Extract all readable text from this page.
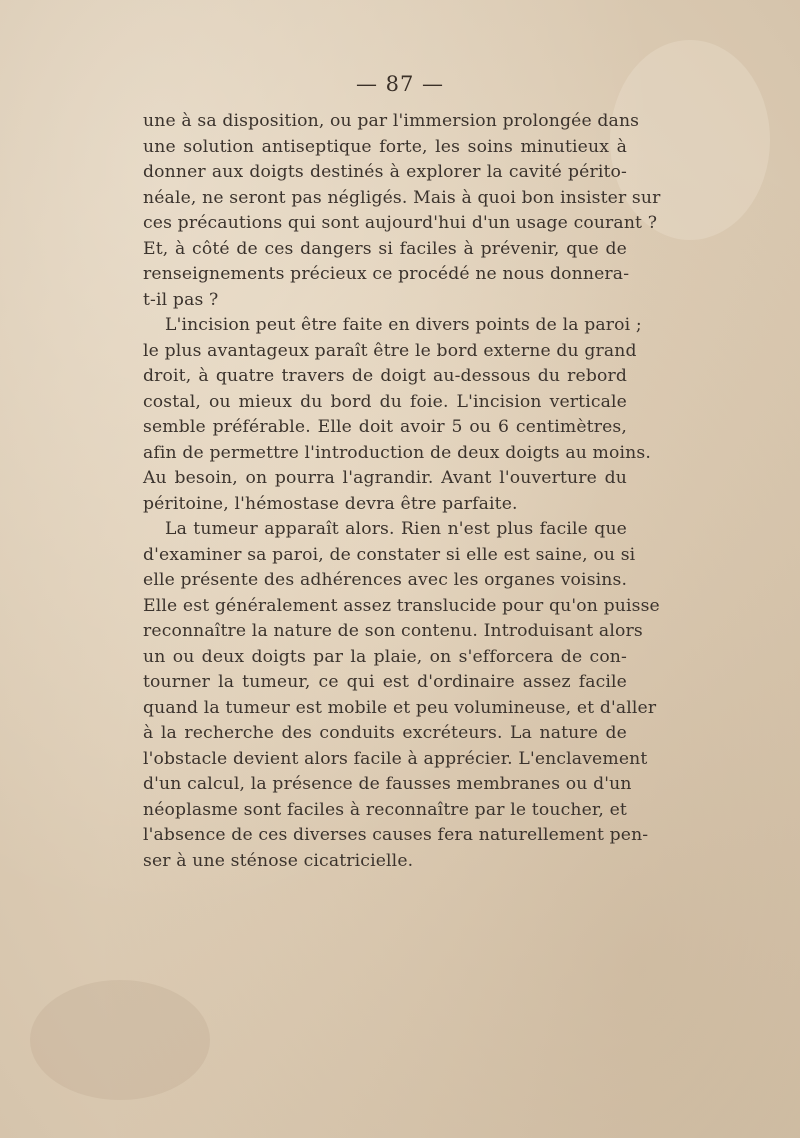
— 87 —
une à sa disposition, ou par l'immersion prolongée dans
une solution antiseptique forte, les soins minutieux à
donner aux doigts destinés à explorer la cavité périto-
néale, ne seront pas négligés. Mais à quoi bon insister sur
ces précautions qui sont aujourd'hui d'un usage courant ?
Et, à côté de ces dangers si faciles à prévenir, que de
renseignements précieux ce procédé ne nous donnera-
t-il pas ?
L'incision peut être faite en divers points de la paroi ;
le plus avantageux paraît être le bord externe du grand
droit, à quatre travers de doigt au-dessous du rebord
costal, ou mieux du bord du foie. L'incision verticale
semble préférable. Elle doit avoir 5 ou 6 centimètres,
afin de permettre l'introduction de deux doigts au moins.
Au besoin, on pourra l'agrandir. Avant l'ouverture du
péritoine, l'hémostase devra être parfaite.
La tumeur apparaît alors. Rien n'est plus facile que
d'examiner sa paroi, de constater si elle est saine, ou si
elle présente des adhérences avec les organes voisins.
Elle est généralement assez translucide pour qu'on puisse
reconnaître la nature de son contenu. Introduisant alors
un ou deux doigts par la plaie, on s'efforcera de con-
tourner la tumeur, ce qui est d'ordinaire assez facile
quand la tumeur est mobile et peu volumineuse, et d'aller
à la recherche des conduits excréteurs. La nature de
l'obstacle devient alors facile à apprécier. L'enclavement
d'un calcul, la présence de fausses membranes ou d'un
néoplasme sont faciles à reconnaître par le toucher, et
l'absence de ces diverses causes fera naturellement pen-
ser à une sténose cicatricielle.
